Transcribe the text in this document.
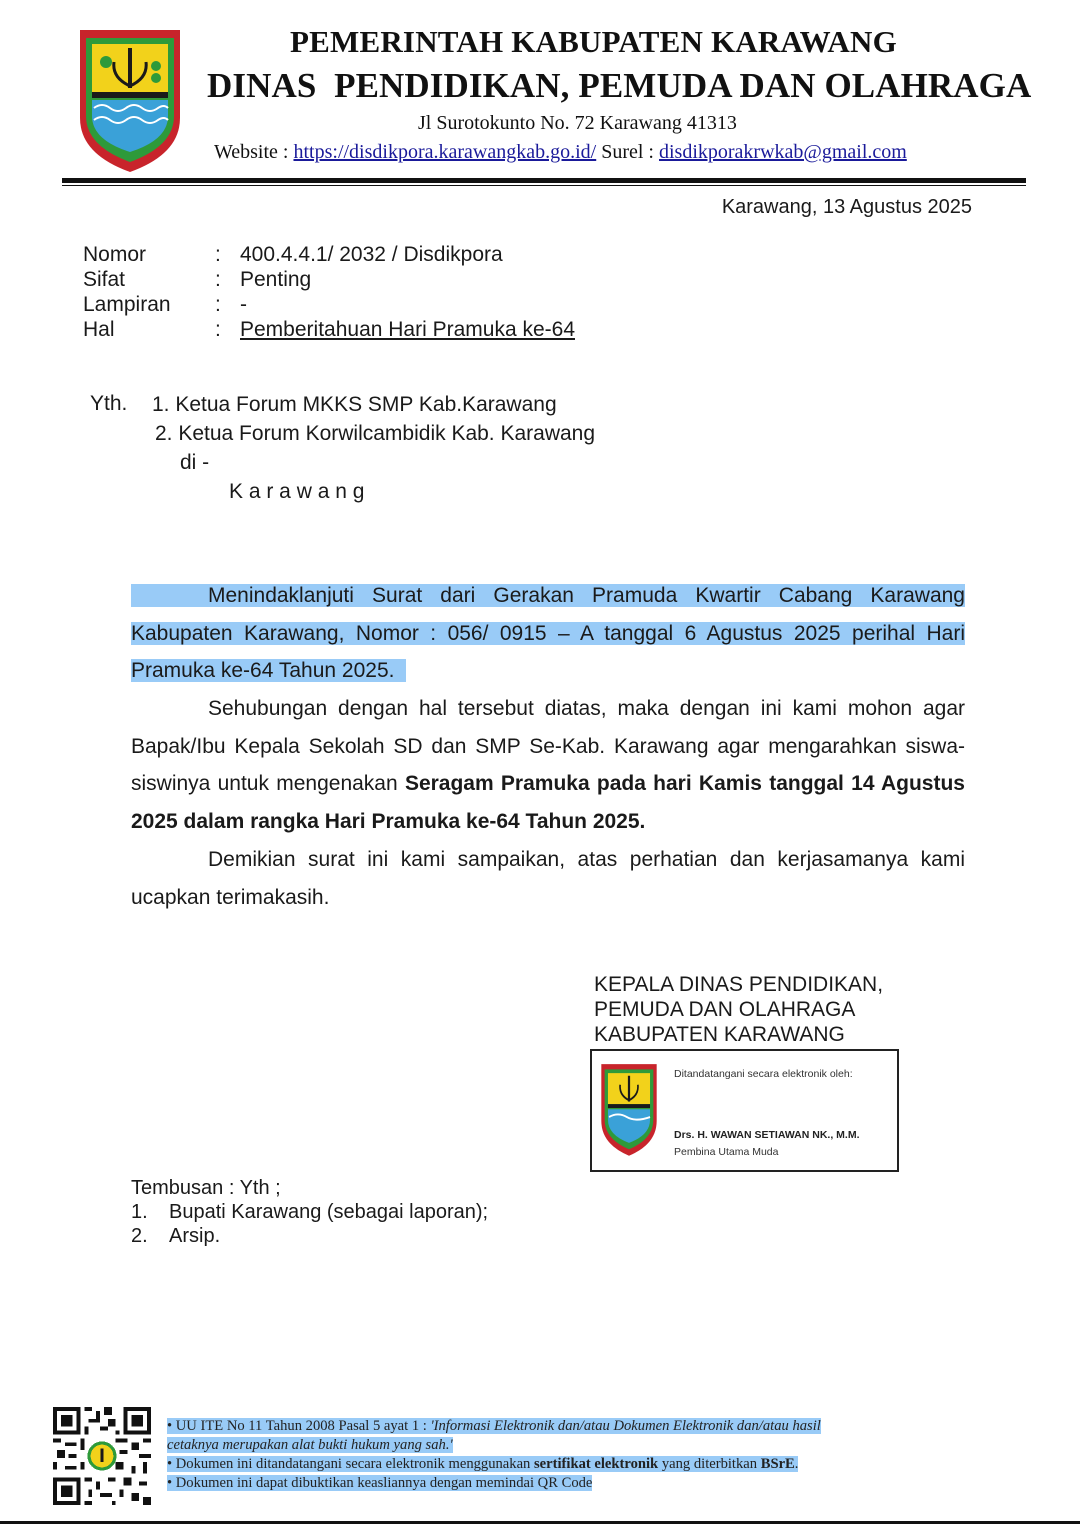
PEMERINTAH KABUPATEN KARAWANG
DINAS  PENDIDIKAN, PEMUDA DAN OLAHRAGA
Jl Surotokunto No. 72 Karawang 41313
Website : https://disdikpora.karawangkab.go.id/ Surel : disdikporakrwkab@gmail.com
Karawang, 13 Agustus 2025
Nomor	: 400.4.4.1/ 2032 / Disdikpora
Sifat	: Penting
Lampiran	: -
Hal	: Pemberitahuan Hari Pramuka ke-64
Yth. 1. Ketua Forum MKKS SMP Kab.Karawang
2. Ketua Forum Korwilcambidik Kab. Karawang
di -
K a r a w a n g

Menindaklanjuti Surat dari Gerakan Pramuda Kwartir Cabang Karawang Kabupaten Karawang, Nomor : 056/ 0915 – A tanggal 6 Agustus 2025 perihal Hari Pramuka ke-64 Tahun 2025.

Sehubungan dengan hal tersebut diatas, maka dengan ini kami mohon agar Bapak/Ibu Kepala Sekolah SD dan SMP Se-Kab. Karawang agar mengarahkan siswa-siswinya untuk mengenakan Seragam Pramuka pada hari Kamis tanggal 14 Agustus 2025 dalam rangka Hari Pramuka ke-64 Tahun 2025.

Demikian surat ini kami sampaikan, atas perhatian dan kerjasamanya kami ucapkan terimakasih.

KEPALA DINAS PENDIDIKAN,
PEMUDA DAN OLAHRAGA
KABUPATEN KARAWANG
Ditandatangani secara elektronik oleh:
Drs. H. WAWAN SETIAWAN NK., M.M.
Pembina Utama Muda
Tembusan : Yth ;
1.	Bupati Karawang (sebagai laporan);
2.	Arsip.
• UU ITE No 11 Tahun 2008 Pasal 5 ayat 1 : 'Informasi Elektronik dan/atau Dokumen Elektronik dan/atau hasil
cetaknya merupakan alat bukti hukum yang sah.'
• Dokumen ini ditandatangani secara elektronik menggunakan sertifikat elektronik yang diterbitkan BSrE.
• Dokumen ini dapat dibuktikan keasliannya dengan memindai QR Code
